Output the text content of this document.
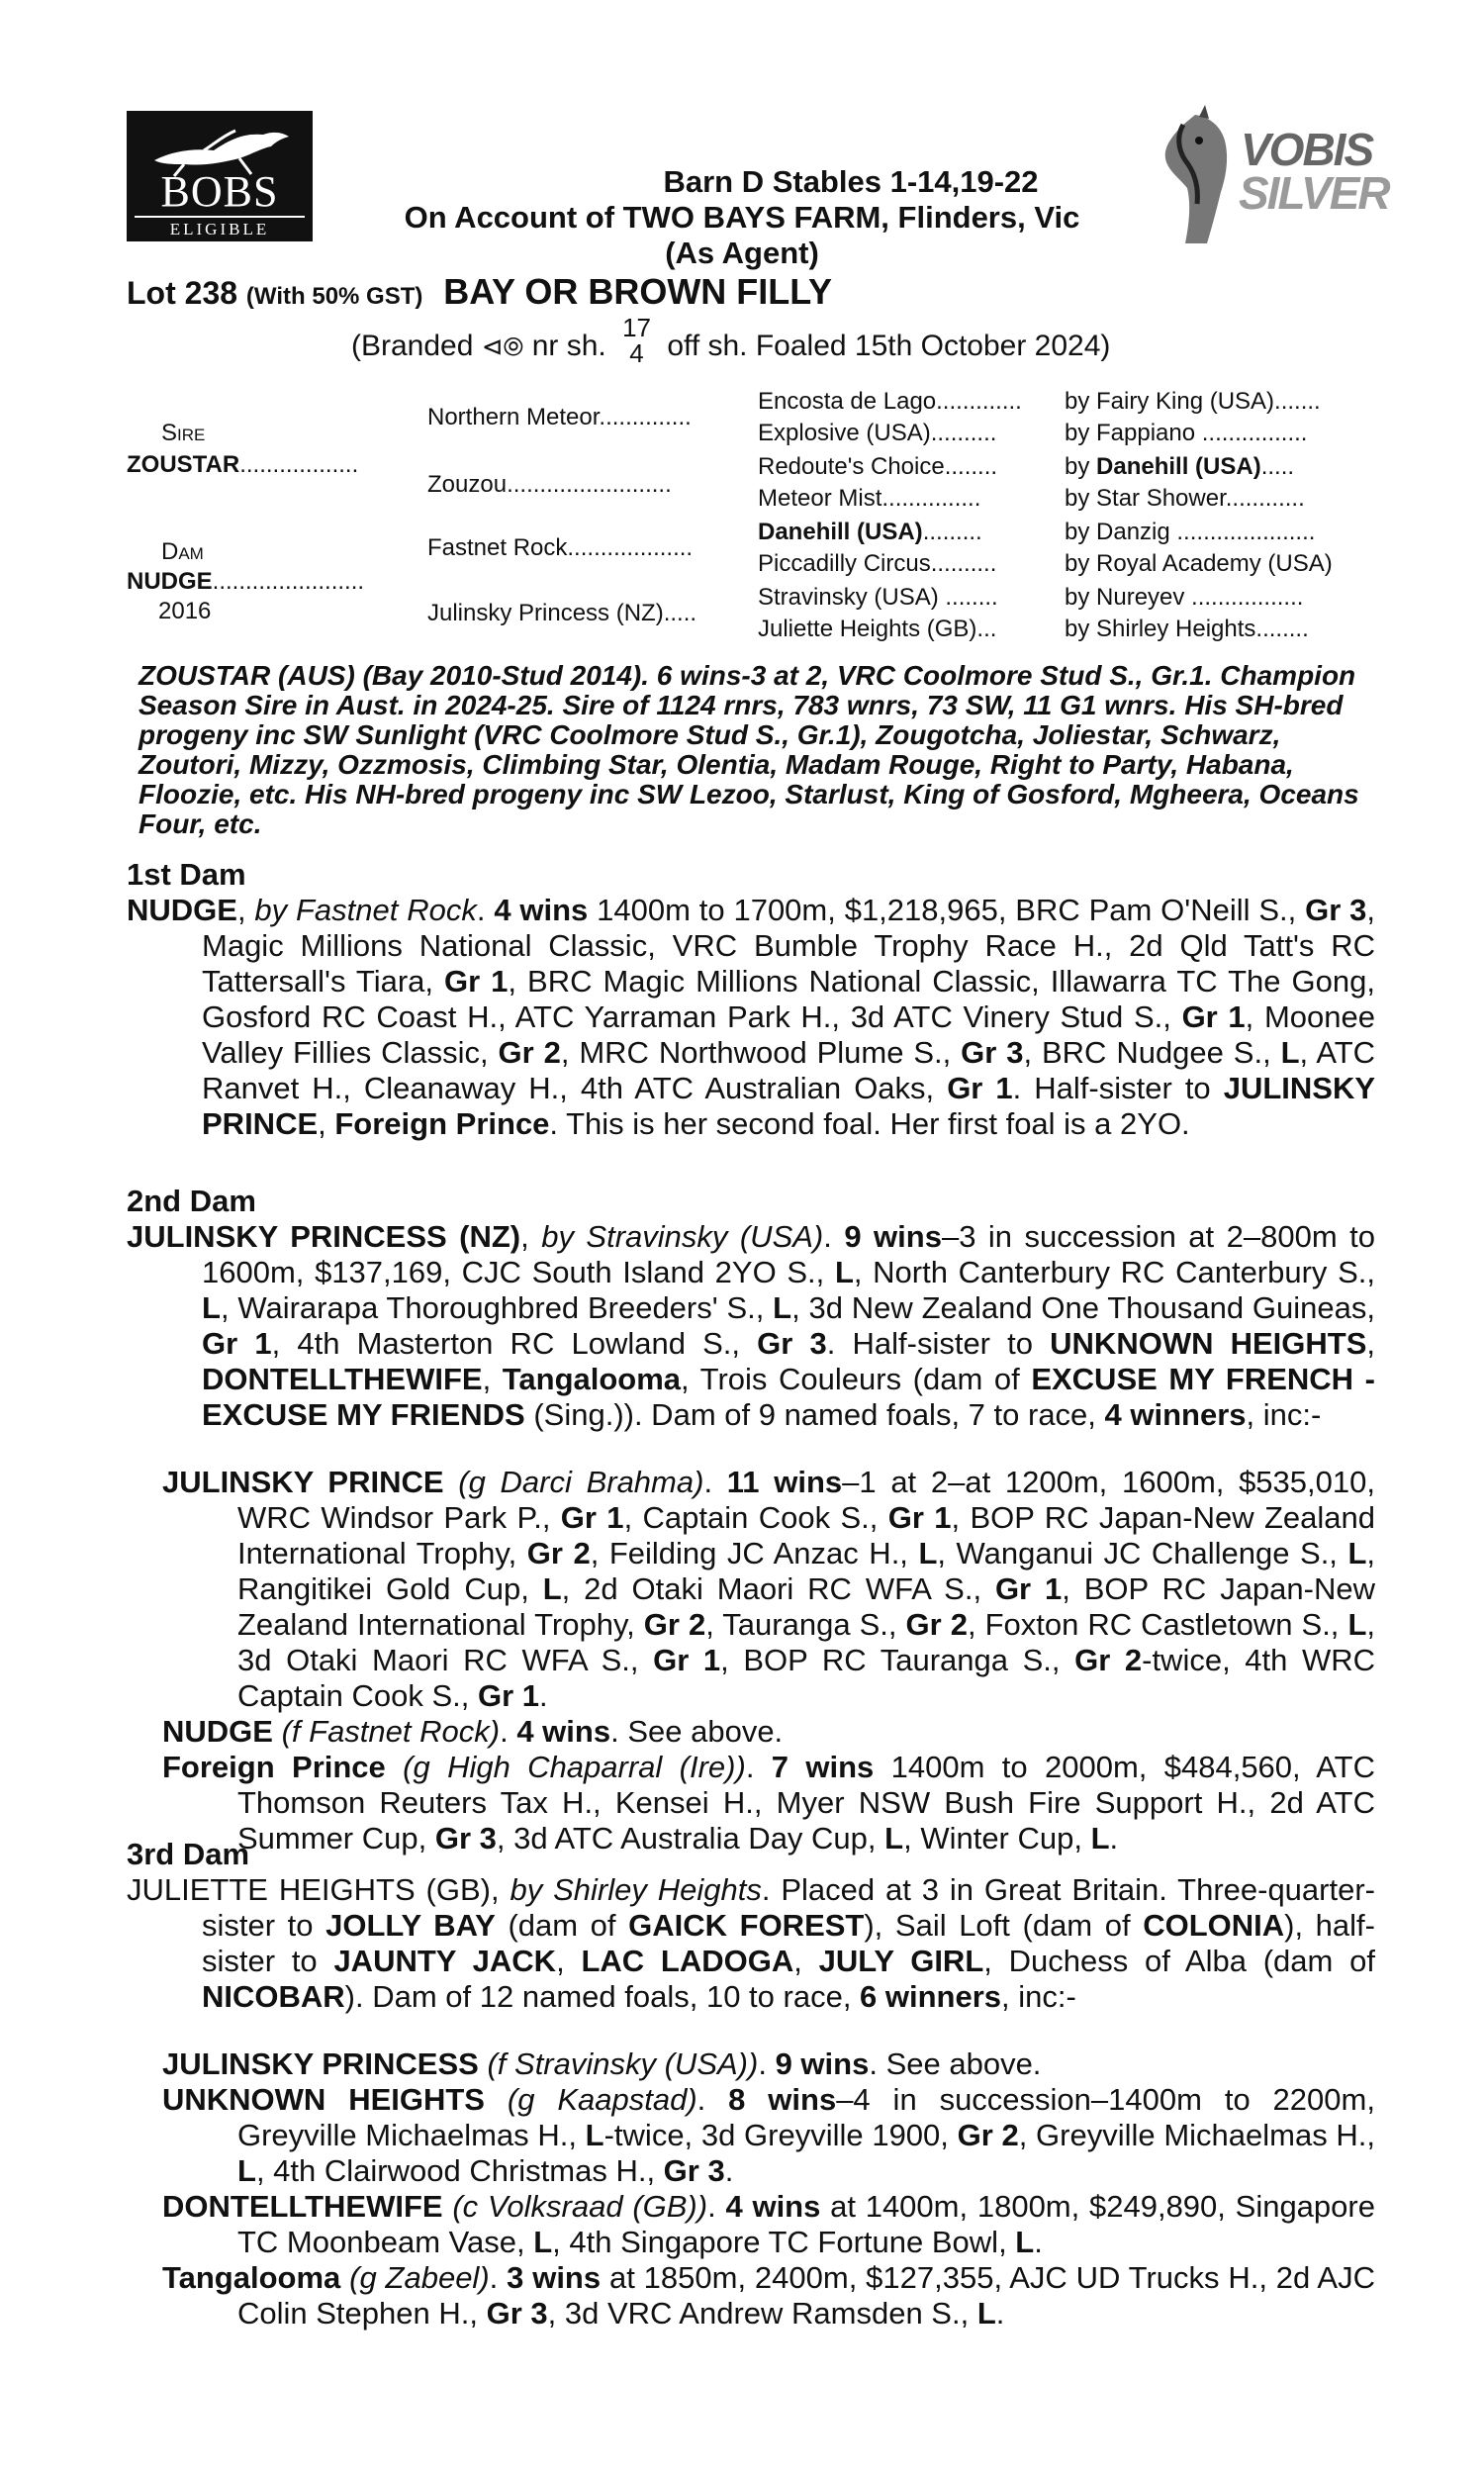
BOBS
ELIGIBLE
VOBIS
SILVER
Barn D Stables 1-14,19-22
On Account of TWO BAYS FARM, Flinders, Vic
(As Agent)
Lot 238 (With 50% GST) BAY OR BROWN FILLY
(Branded ⊲⦾ nr sh. 17
4 off sh. Foaled 15th October 2024)
Sire
ZOUSTAR..................
Dam
NUDGE.......................
2016
Northern Meteor..............
Zouzou.........................
Fastnet Rock...................
Julinsky Princess (NZ).....
Encosta de Lago.............
Explosive (USA)..........
Redoute's Choice........
Meteor Mist...............
Danehill (USA).........
Piccadilly Circus..........
Stravinsky (USA) ........
Juliette Heights (GB)...
by Fairy King (USA).......
by Fappiano ................
by Danehill (USA).....
by Star Shower............
by Danzig .....................
by Royal Academy (USA)
by Nureyev .................
by Shirley Heights........
ZOUSTAR (AUS) (Bay 2010-Stud 2014). 6 wins-3 at 2, VRC Coolmore Stud S., Gr.1. Champion Season Sire in Aust. in 2024-25. Sire of 1124 rnrs, 783 wnrs, 73 SW, 11 G1 wnrs. His SH-bred progeny inc SW Sunlight (VRC Coolmore Stud S., Gr.1), Zougotcha, Joliestar, Schwarz, Zoutori, Mizzy, Ozzmosis, Climbing Star, Olentia, Madam Rouge, Right to Party, Habana, Floozie, etc. His NH-bred progeny inc SW Lezoo, Starlust, King of Gosford, Mgheera, Oceans Four, etc.
1st Dam
NUDGE, by Fastnet Rock. 4 wins 1400m to 1700m, $1,218,965, BRC Pam O'Neill S., Gr 3, Magic Millions National Classic, VRC Bumble Trophy Race H., 2d Qld Tatt's RC Tattersall's Tiara, Gr 1, BRC Magic Millions National Classic, Illawarra TC The Gong, Gosford RC Coast H., ATC Yarraman Park H., 3d ATC Vinery Stud S., Gr 1, Moonee Valley Fillies Classic, Gr 2, MRC Northwood Plume S., Gr 3, BRC Nudgee S., L, ATC Ranvet H., Cleanaway H., 4th ATC Australian Oaks, Gr 1. Half-sister to JULINSKY PRINCE, Foreign Prince. This is her second foal. Her first foal is a 2YO.
2nd Dam
JULINSKY PRINCESS (NZ), by Stravinsky (USA). 9 wins–3 in succession at 2–800m to 1600m, $137,169, CJC South Island 2YO S., L, North Canterbury RC Canterbury S., L, Wairarapa Thoroughbred Breeders' S., L, 3d New Zealand One Thousand Guineas, Gr 1, 4th Masterton RC Lowland S., Gr 3. Half-sister to UNKNOWN HEIGHTS, DONTELLTHEWIFE, Tangalooma, Trois Couleurs (dam of EXCUSE MY FRENCH - EXCUSE MY FRIENDS (Sing.)). Dam of 9 named foals, 7 to race, 4 winners, inc:-
JULINSKY PRINCE (g Darci Brahma). 11 wins–1 at 2–at 1200m, 1600m, $535,010, WRC Windsor Park P., Gr 1, Captain Cook S., Gr 1, BOP RC Japan-New Zealand International Trophy, Gr 2, Feilding JC Anzac H., L, Wanganui JC Challenge S., L, Rangitikei Gold Cup, L, 2d Otaki Maori RC WFA S., Gr 1, BOP RC Japan-New Zealand International Trophy, Gr 2, Tauranga S., Gr 2, Foxton RC Castletown S., L, 3d Otaki Maori RC WFA S., Gr 1, BOP RC Tauranga S., Gr 2-twice, 4th WRC Captain Cook S., Gr 1.
NUDGE (f Fastnet Rock). 4 wins. See above.
Foreign Prince (g High Chaparral (Ire)). 7 wins 1400m to 2000m, $484,560, ATC Thomson Reuters Tax H., Kensei H., Myer NSW Bush Fire Support H., 2d ATC Summer Cup, Gr 3, 3d ATC Australia Day Cup, L, Winter Cup, L.
3rd Dam
JULIETTE HEIGHTS (GB), by Shirley Heights. Placed at 3 in Great Britain. Three-quarter-sister to JOLLY BAY (dam of GAICK FOREST), Sail Loft (dam of COLONIA), half-sister to JAUNTY JACK, LAC LADOGA, JULY GIRL, Duchess of Alba (dam of NICOBAR). Dam of 12 named foals, 10 to race, 6 winners, inc:-
JULINSKY PRINCESS (f Stravinsky (USA)). 9 wins. See above.
UNKNOWN HEIGHTS (g Kaapstad). 8 wins–4 in succession–1400m to 2200m, Greyville Michaelmas H., L-twice, 3d Greyville 1900, Gr 2, Greyville Michaelmas H., L, 4th Clairwood Christmas H., Gr 3.
DONTELLTHEWIFE (c Volksraad (GB)). 4 wins at 1400m, 1800m, $249,890, Singapore TC Moonbeam Vase, L, 4th Singapore TC Fortune Bowl, L.
Tangalooma (g Zabeel). 3 wins at 1850m, 2400m, $127,355, AJC UD Trucks H., 2d AJC Colin Stephen H., Gr 3, 3d VRC Andrew Ramsden S., L.
